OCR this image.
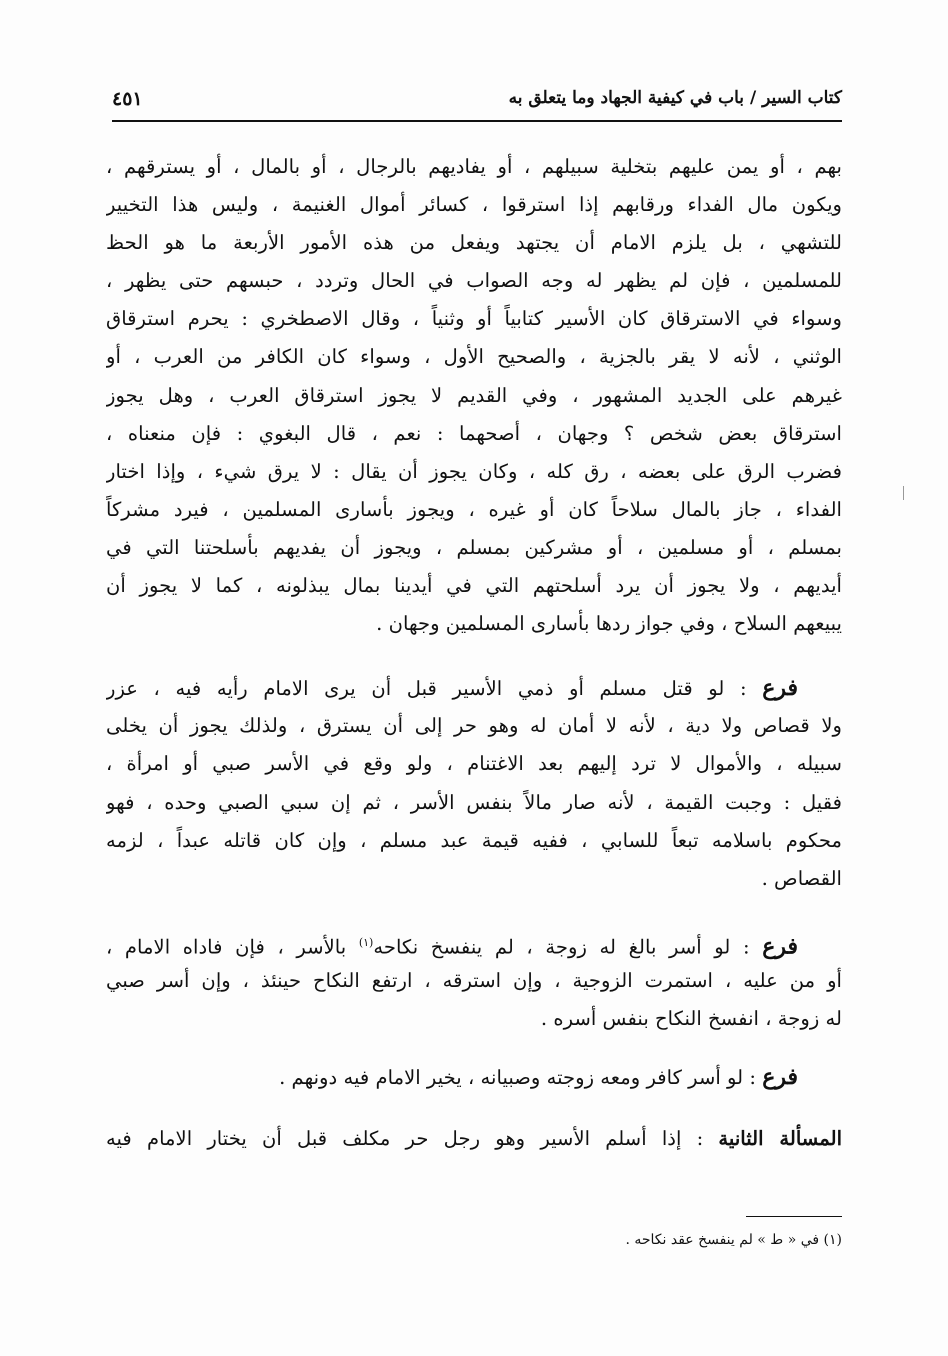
كتاب السير / باب في كيفية الجهاد وما يتعلق به
٤٥١
بهم ، أو يمن عليهم بتخلية سبيلهم ، أو يفاديهم بالرجال ، أو بالمال ، أو يسترقهم ،
ويكون مال الفداء ورقابهم إذا استرقوا ، كسائر أموال الغنيمة ، وليس هذا التخيير
للتشهي ، بل يلزم الامام أن يجتهد ويفعل من هذه الأمور الأربعة ما هو الحظ
للمسلمين ، فإن لم يظهر له وجه الصواب في الحال وتردد ، حبسهم حتى يظهر ،
وسواء في الاسترقاق كان الأسير كتابياً أو وثنياً ، وقال الاصطخري : يحرم استرقاق
الوثني ، لأنه لا يقر بالجزية ، والصحيح الأول ، وسواء كان الكافر من العرب ، أو
غيرهم على الجديد المشهور ، وفي القديم لا يجوز استرقاق العرب ، وهل يجوز
استرقاق بعض شخص ؟ وجهان ، أصحهما : نعم ، قال البغوي : فإن منعناه ،
فضرب الرق على بعضه ، رق كله ، وكان يجوز أن يقال : لا يرق شيء ، وإذا اختار
الفداء ، جاز بالمال سلاحاً كان أو غيره ، ويجوز بأسارى المسلمين ، فيرد مشركاً
بمسلم ، أو مسلمين ، أو مشركين بمسلم ، ويجوز أن يفديهم بأسلحتنا التي في
أيديهم ، ولا يجوز أن يرد أسلحتهم التي في أيدينا بمال يبذلونه ، كما لا يجوز أن
يبيعهم السلاح ، وفي جواز ردها بأسارى المسلمين وجهان .
فرع : لو قتل مسلم أو ذمي الأسير قبل أن يرى الامام رأيه فيه ، عزر
ولا قصاص ولا دية ، لأنه لا أمان له وهو حر إلى أن يسترق ، ولذلك يجوز أن يخلى
سبيله ، والأموال لا ترد إليهم بعد الاغتنام ، ولو وقع في الأسر صبي أو امرأة ،
فقيل : وجبت القيمة ، لأنه صار مالاً بنفس الأسر ، ثم إن سبي الصبي وحده ، فهو
محكوم باسلامه تبعاً للسابي ، ففيه قيمة عبد مسلم ، وإن كان قاتله عبداً ، لزمه
القصاص .
فرع : لو أسر بالغ له زوجة ، لم ينفسخ نكاحه$^{(١)}$ بالأسر ، فإن فاداه الامام ،
أو من عليه ، استمرت الزوجية ، وإن استرقه ، ارتفع النكاح حينئذ ، وإن أسر صبي
له زوجة ، انفسخ النكاح بنفس أسره .
فرع : لو أسر كافر ومعه زوجته وصبيانه ، يخير الامام فيه دونهم .
المسألة الثانية : إذا أسلم الأسير وهو رجل حر مكلف قبل أن يختار الامام فيه
(١) في « ط » لم ينفسخ عقد نكاحه .
